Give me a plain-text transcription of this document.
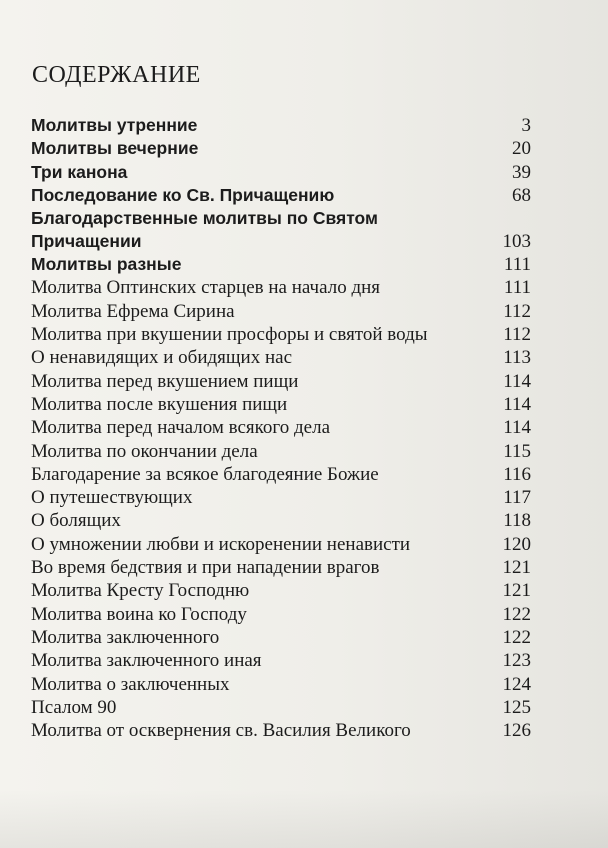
СОДЕРЖАНИЕ
Молитвы утренние	3
Молитвы вечерние	20
Три канона	39
Последование ко Св. Причащению	68
Благодарственные молитвы по Святом Причащении	103
Молитвы разные	111
Молитва Оптинских старцев на начало дня	111
Молитва Ефрема Сирина	112
Молитва при вкушении просфоры и святой воды	112
О ненавидящих и обидящих нас	113
Молитва перед вкушением пищи	114
Молитва после вкушения пищи	114
Молитва перед началом всякого дела	114
Молитва по окончании дела	115
Благодарение за всякое благодеяние Божие	116
О путешествующих	117
О болящих	118
О умножении любви и искоренении ненависти	120
Во время бедствия и при нападении врагов	121
Молитва Кресту Господню	121
Молитва воина ко Господу	122
Молитва заключенного	122
Молитва заключенного иная	123
Молитва о заключенных	124
Псалом 90	125
Молитва от осквернения св. Василия Великого	126
